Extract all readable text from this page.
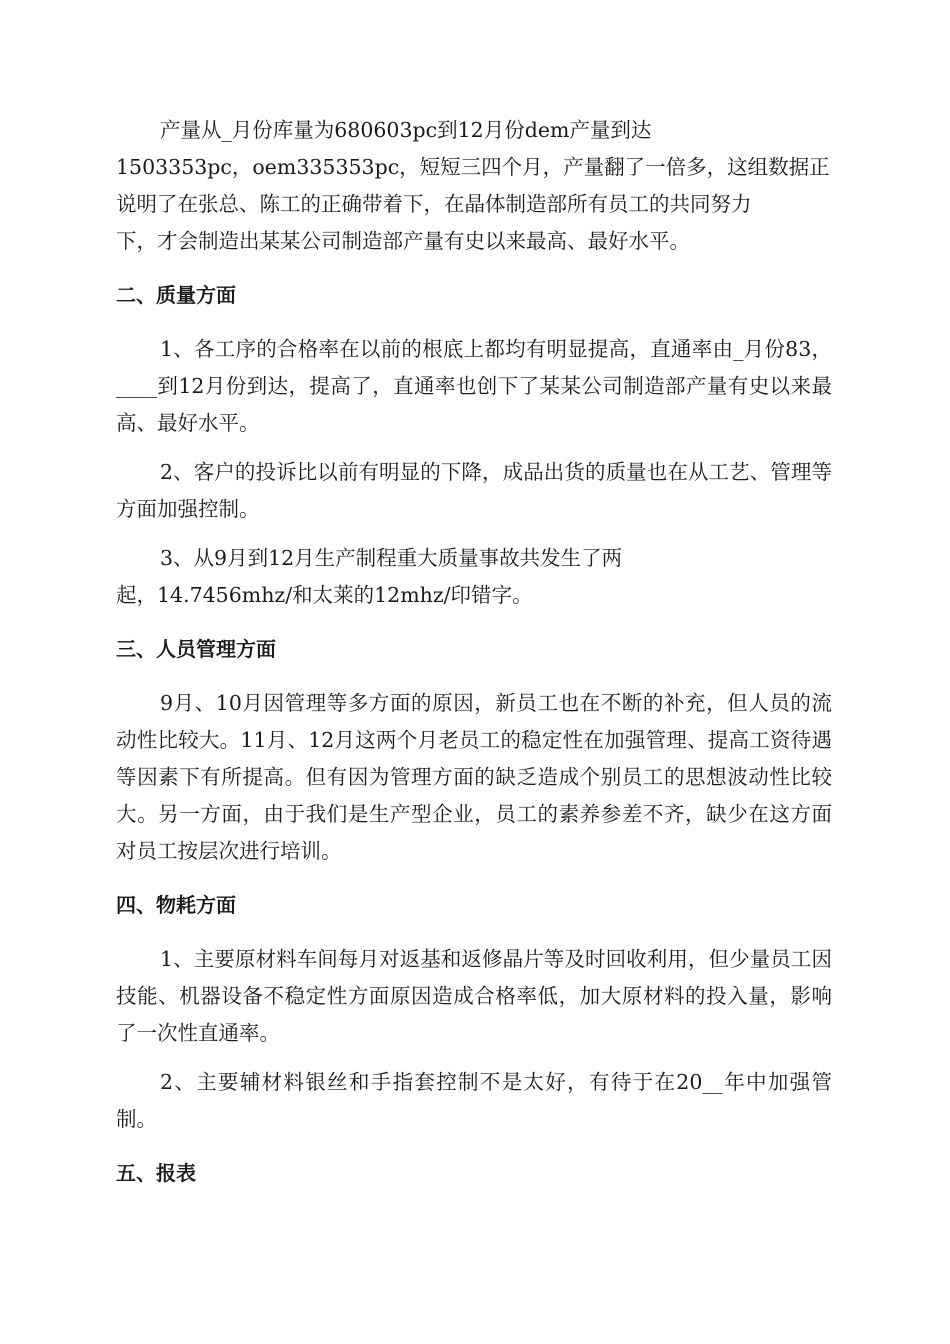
产量从_月份库量为680603pc到12月份dem产量到达
1503353pc，oem335353pc，短短三四个月，产量翻了一倍多，这组数据正
说明了在张总、陈工的正确带着下，在晶体制造部所有员工的共同努力
下，才会制造出某某公司制造部产量有史以来最高、最好水平。

二、质量方面

1、各工序的合格率在以前的根底上都均有明显提高，直通率由_月份83，____到12月份到达，提高了，直通率也创下了某某公司制造部产量有史以来最高、最好水平。

2、客户的投诉比以前有明显的下降，成品出货的质量也在从工艺、管理等方面加强控制。

3、从9月到12月生产制程重大质量事故共发生了两
起，14.7456mhz/和太莱的12mhz/印错字。

三、人员管理方面

9月、10月因管理等多方面的原因，新员工也在不断的补充，但人员的流动性比较大。11月、12月这两个月老员工的稳定性在加强管理、提高工资待遇等因素下有所提高。但有因为管理方面的缺乏造成个别员工的思想波动性比较大。另一方面，由于我们是生产型企业，员工的素养参差不齐，缺少在这方面对员工按层次进行培训。

四、物耗方面

1、主要原材料车间每月对返基和返修晶片等及时回收利用，但少量员工因技能、机器设备不稳定性方面原因造成合格率低，加大原材料的投入量，影响了一次性直通率。

2、主要辅材料银丝和手指套控制不是太好，有待于在20__年中加强管制。

五、报表
